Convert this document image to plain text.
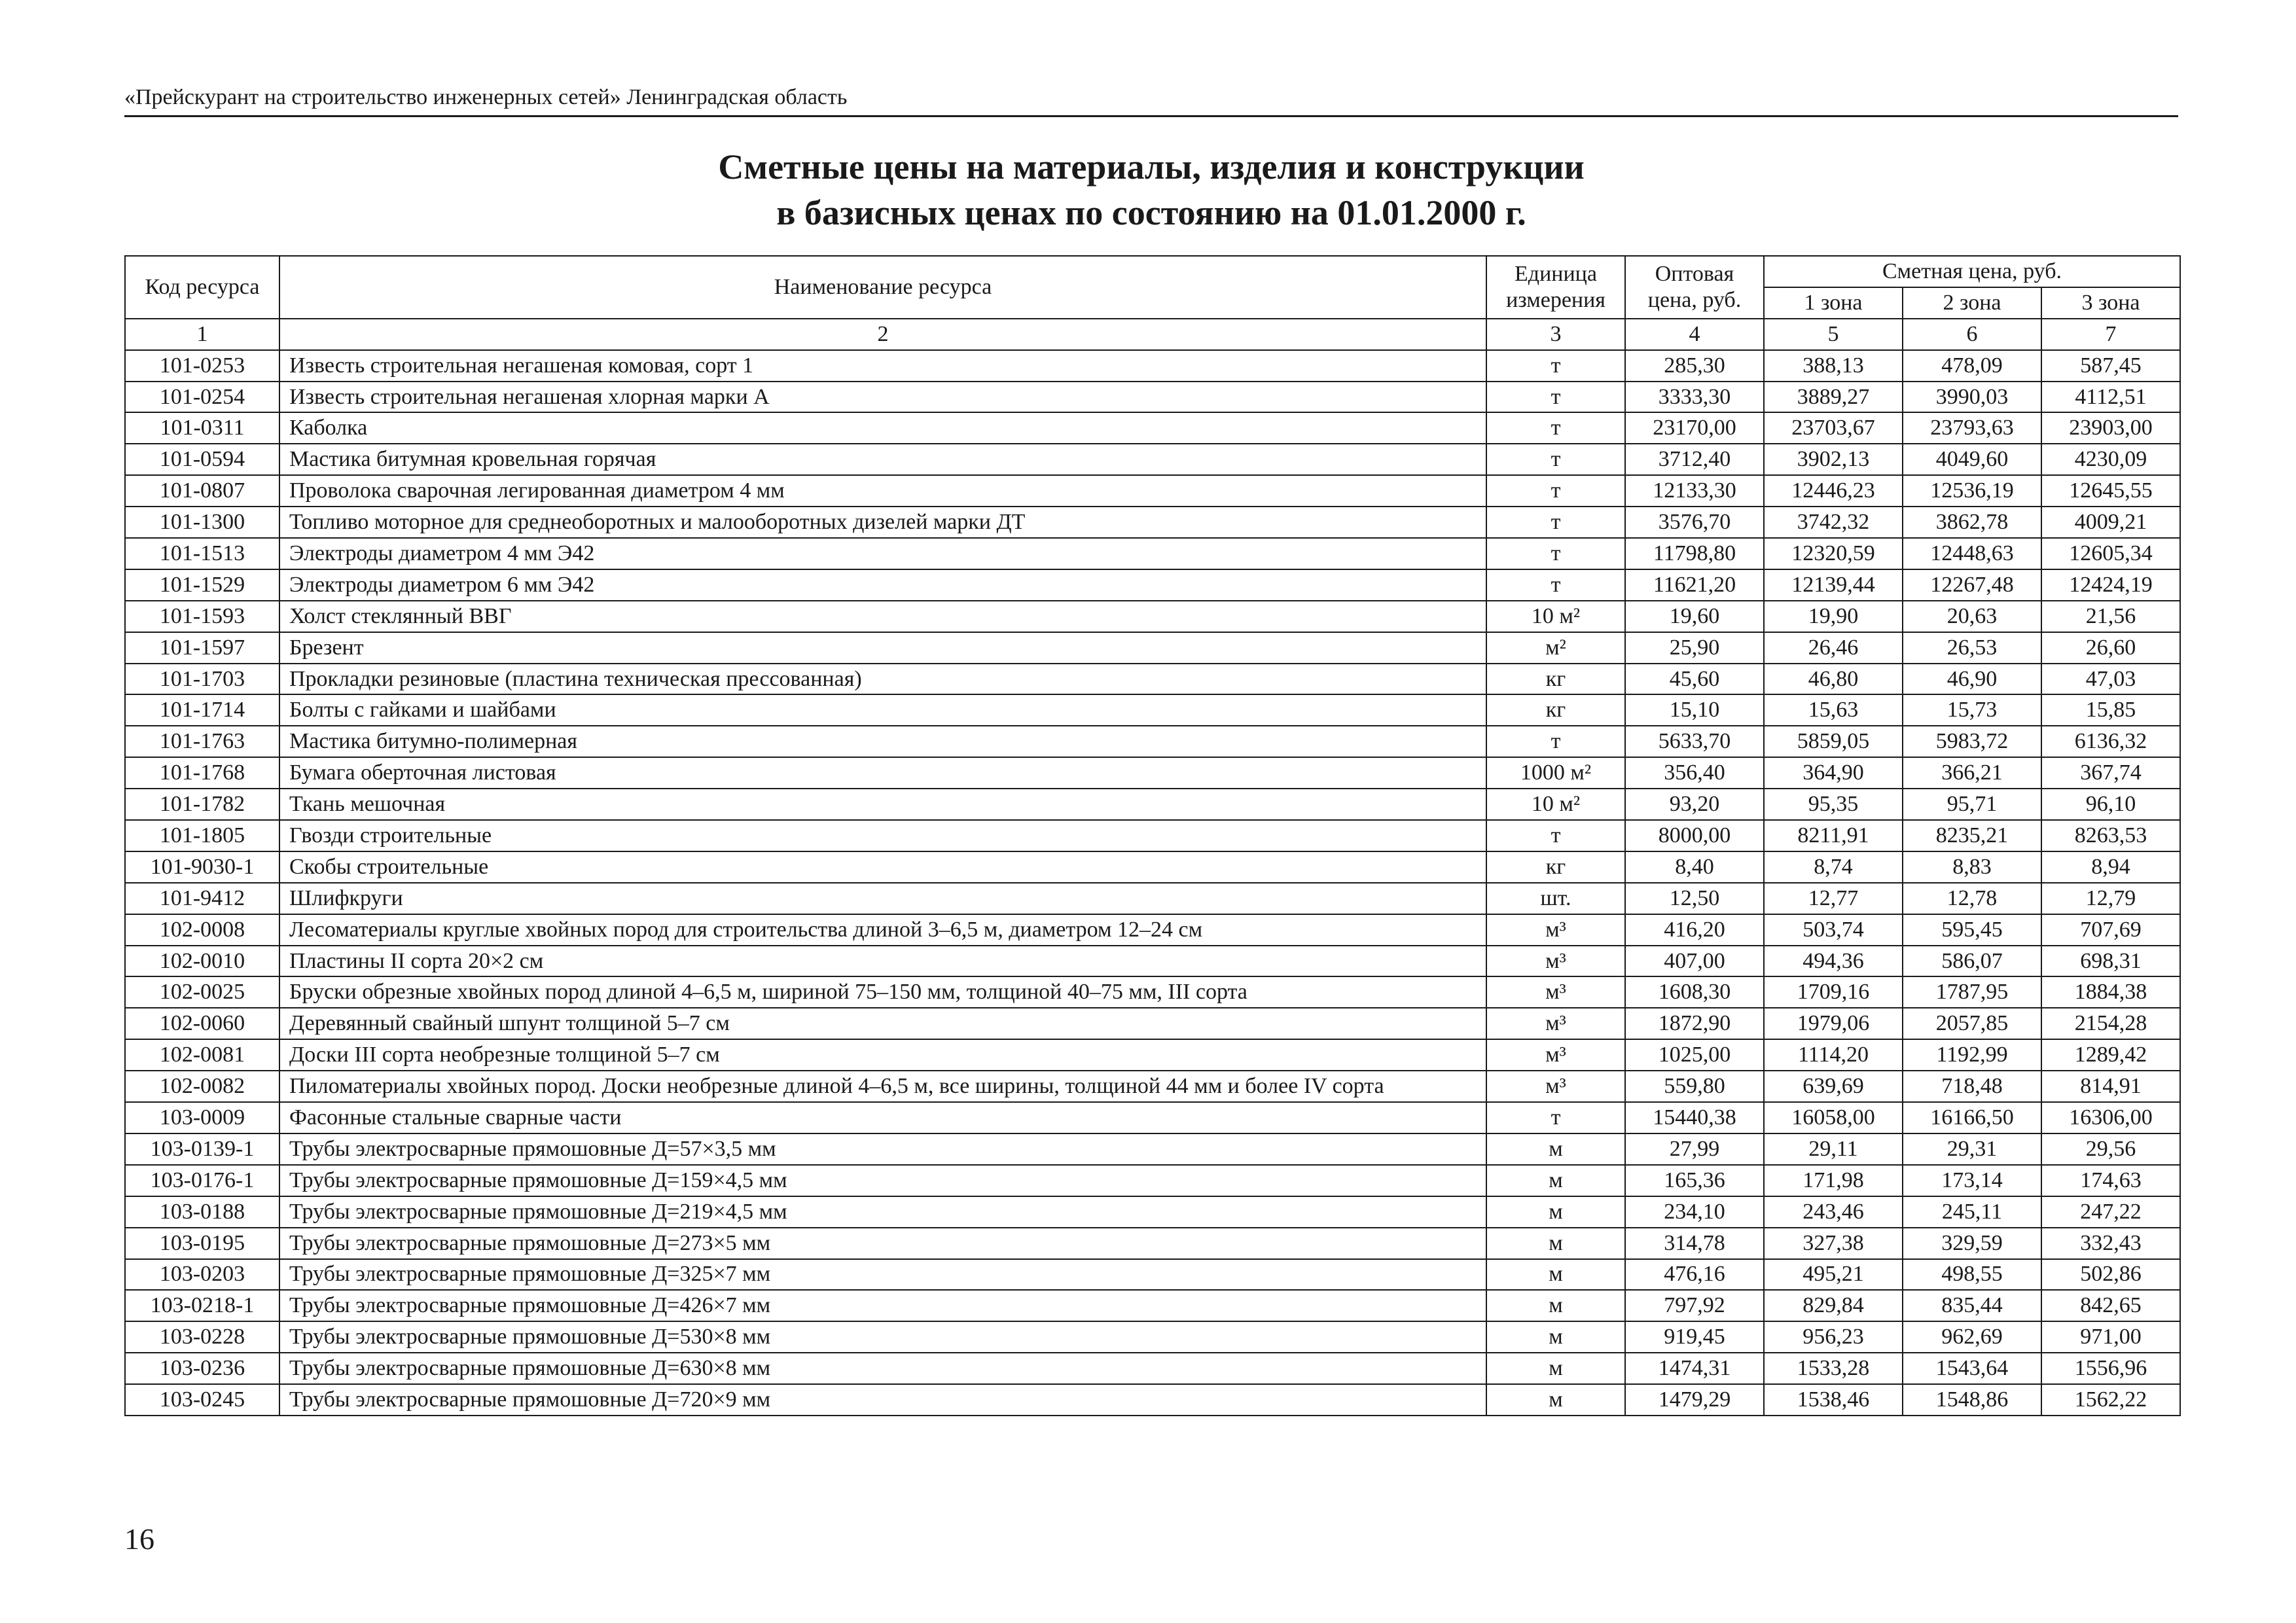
«Прейскурант на строительство инженерных сетей» Ленинградская область
Сметные цены на материалы, изделия и конструкции
в базисных ценах по состоянию на 01.01.2000 г.
Код ресурса	Наименование ресурса	Единица измерения	Оптовая цена, руб.	Сметная цена, руб.		
				1 зона	2 зона	3 зона
1	2	3	4	5	6	7
101-0253	Известь строительная негашеная комовая, сорт 1	т	285,30	388,13	478,09	587,45
101-0254	Известь строительная негашеная хлорная марки А	т	3333,30	3889,27	3990,03	4112,51
101-0311	Каболка	т	23170,00	23703,67	23793,63	23903,00
101-0594	Мастика битумная кровельная горячая	т	3712,40	3902,13	4049,60	4230,09
101-0807	Проволока сварочная легированная диаметром 4 мм	т	12133,30	12446,23	12536,19	12645,55
101-1300	Топливо моторное для среднеоборотных и малооборотных дизелей марки ДТ	т	3576,70	3742,32	3862,78	4009,21
101-1513	Электроды диаметром 4 мм Э42	т	11798,80	12320,59	12448,63	12605,34
101-1529	Электроды диаметром 6 мм Э42	т	11621,20	12139,44	12267,48	12424,19
101-1593	Холст стеклянный ВВГ	10 м²	19,60	19,90	20,63	21,56
101-1597	Брезент	м²	25,90	26,46	26,53	26,60
101-1703	Прокладки резиновые (пластина техническая прессованная)	кг	45,60	46,80	46,90	47,03
101-1714	Болты с гайками и шайбами	кг	15,10	15,63	15,73	15,85
101-1763	Мастика битумно-полимерная	т	5633,70	5859,05	5983,72	6136,32
101-1768	Бумага оберточная листовая	1000 м²	356,40	364,90	366,21	367,74
101-1782	Ткань мешочная	10 м²	93,20	95,35	95,71	96,10
101-1805	Гвозди строительные	т	8000,00	8211,91	8235,21	8263,53
101-9030-1	Скобы строительные	кг	8,40	8,74	8,83	8,94
101-9412	Шлифкруги	шт.	12,50	12,77	12,78	12,79
102-0008	Лесоматериалы круглые хвойных пород для строительства длиной 3–6,5 м, диаметром 12–24 см	м³	416,20	503,74	595,45	707,69
102-0010	Пластины II сорта 20×2 см	м³	407,00	494,36	586,07	698,31
102-0025	Бруски обрезные хвойных пород длиной 4–6,5 м, шириной 75–150 мм, толщиной 40–75 мм, III сорта	м³	1608,30	1709,16	1787,95	1884,38
102-0060	Деревянный свайный шпунт толщиной 5–7 см	м³	1872,90	1979,06	2057,85	2154,28
102-0081	Доски III сорта необрезные толщиной 5–7 см	м³	1025,00	1114,20	1192,99	1289,42
102-0082	Пиломатериалы хвойных пород. Доски необрезные длиной 4–6,5 м, все ширины, толщиной 44 мм и более IV сорта	м³	559,80	639,69	718,48	814,91
103-0009	Фасонные стальные сварные части	т	15440,38	16058,00	16166,50	16306,00
103-0139-1	Трубы электросварные прямошовные Д=57×3,5 мм	м	27,99	29,11	29,31	29,56
103-0176-1	Трубы электросварные прямошовные Д=159×4,5 мм	м	165,36	171,98	173,14	174,63
103-0188	Трубы электросварные прямошовные Д=219×4,5 мм	м	234,10	243,46	245,11	247,22
103-0195	Трубы электросварные прямошовные Д=273×5 мм	м	314,78	327,38	329,59	332,43
103-0203	Трубы электросварные прямошовные Д=325×7 мм	м	476,16	495,21	498,55	502,86
103-0218-1	Трубы электросварные прямошовные Д=426×7 мм	м	797,92	829,84	835,44	842,65
103-0228	Трубы электросварные прямошовные Д=530×8 мм	м	919,45	956,23	962,69	971,00
103-0236	Трубы электросварные прямошовные Д=630×8 мм	м	1474,31	1533,28	1543,64	1556,96
103-0245	Трубы электросварные прямошовные Д=720×9 мм	м	1479,29	1538,46	1548,86	1562,22
16
